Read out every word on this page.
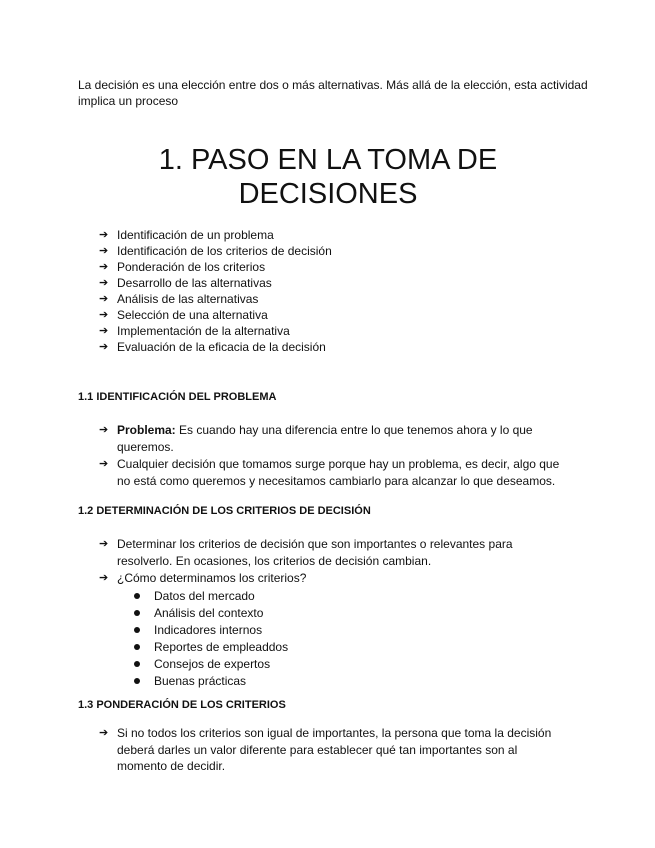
La decisión es una elección entre dos o más alternativas. Más allá de la elección, esta actividad implica un proceso

1. PASO EN LA TOMA DE DECISIONES
➔ Identificación de un problema
➔ Identificación de los criterios de decisión
➔ Ponderación de los criterios
➔ Desarrollo de las alternativas
➔ Análisis de las alternativas
➔ Selección de una alternativa
➔ Implementación de la alternativa
➔ Evaluación de la eficacia de la decisión
1.1 IDENTIFICACIÓN DEL PROBLEMA
➔ Problema: Es cuando hay una diferencia entre lo que tenemos ahora y lo que queremos.
➔ Cualquier decisión que tomamos surge porque hay un problema, es decir, algo que no está como queremos y necesitamos cambiarlo para alcanzar lo que deseamos.
1.2 DETERMINACIÓN DE LOS CRITERIOS DE DECISIÓN
➔ Determinar los criterios de decisión que son importantes o relevantes para resolverlo. En ocasiones, los criterios de decisión cambian.
➔ ¿Cómo determinamos los criterios?
Datos del mercado
Análisis del contexto
Indicadores internos
Reportes de empleaddos
Consejos de expertos
Buenas prácticas
1.3 PONDERACIÓN DE LOS CRITERIOS
➔ Si no todos los criterios son igual de importantes, la persona que toma la decisión deberá darles un valor diferente para establecer qué tan importantes son al momento de decidir.
